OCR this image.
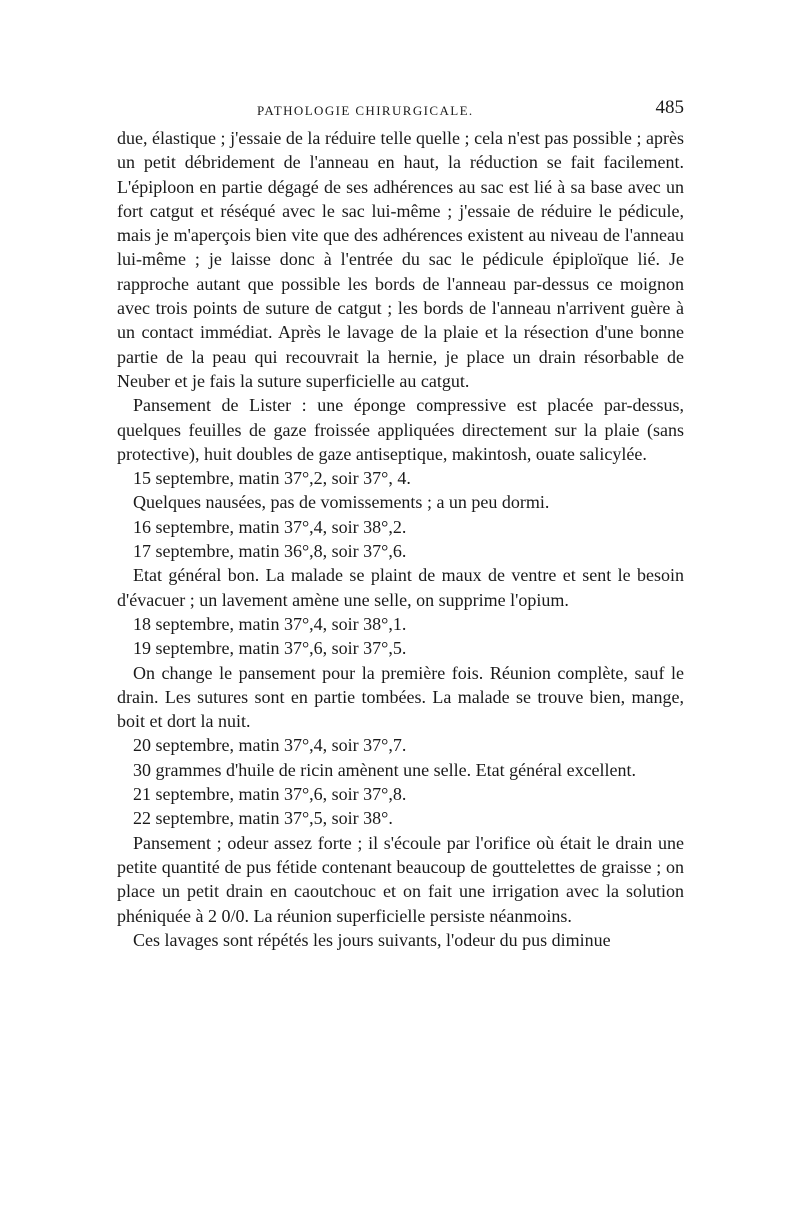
PATHOLOGIE CHIRURGICALE.	485

due, élastique ; j'essaie de la réduire telle quelle ; cela n'est pas possible ; après un petit débridement de l'anneau en haut, la réduction se fait facilement. L'épiploon en partie dégagé de ses adhérences au sac est lié à sa base avec un fort catgut et réséqué avec le sac lui-même ; j'essaie de réduire le pédicule, mais je m'aperçois bien vite que des adhérences existent au niveau de l'anneau lui-même ; je laisse donc à l'entrée du sac le pédicule épiploïque lié. Je rapproche autant que possible les bords de l'anneau par-dessus ce moignon avec trois points de suture de catgut ; les bords de l'anneau n'arrivent guère à un contact immédiat. Après le lavage de la plaie et la résection d'une bonne partie de la peau qui recouvrait la hernie, je place un drain résorbable de Neuber et je fais la suture superficielle au catgut.

Pansement de Lister : une éponge compressive est placée par-dessus, quelques feuilles de gaze froissée appliquées directement sur la plaie (sans protective), huit doubles de gaze antiseptique, makintosh, ouate salicylée.

15 septembre, matin 37°,2, soir 37°, 4.

Quelques nausées, pas de vomissements ; a un peu dormi.

16 septembre, matin 37°,4, soir 38°,2.

17 septembre, matin 36°,8, soir 37°,6.

Etat général bon. La malade se plaint de maux de ventre et sent le besoin d'évacuer ; un lavement amène une selle, on supprime l'opium.

18 septembre, matin 37°,4, soir 38°,1.

19 septembre, matin 37°,6, soir 37°,5.

On change le pansement pour la première fois. Réunion complète, sauf le drain. Les sutures sont en partie tombées. La malade se trouve bien, mange, boit et dort la nuit.

20 septembre, matin 37°,4, soir 37°,7.

30 grammes d'huile de ricin amènent une selle. Etat général excellent.

21 septembre, matin 37°,6, soir 37°,8.

22 septembre, matin 37°,5, soir 38°.

Pansement ; odeur assez forte ; il s'écoule par l'orifice où était le drain une petite quantité de pus fétide contenant beaucoup de gouttelettes de graisse ; on place un petit drain en caoutchouc et on fait une irrigation avec la solution phéniquée à 2 0/0. La réunion superficielle persiste néanmoins.

Ces lavages sont répétés les jours suivants, l'odeur du pus diminue
